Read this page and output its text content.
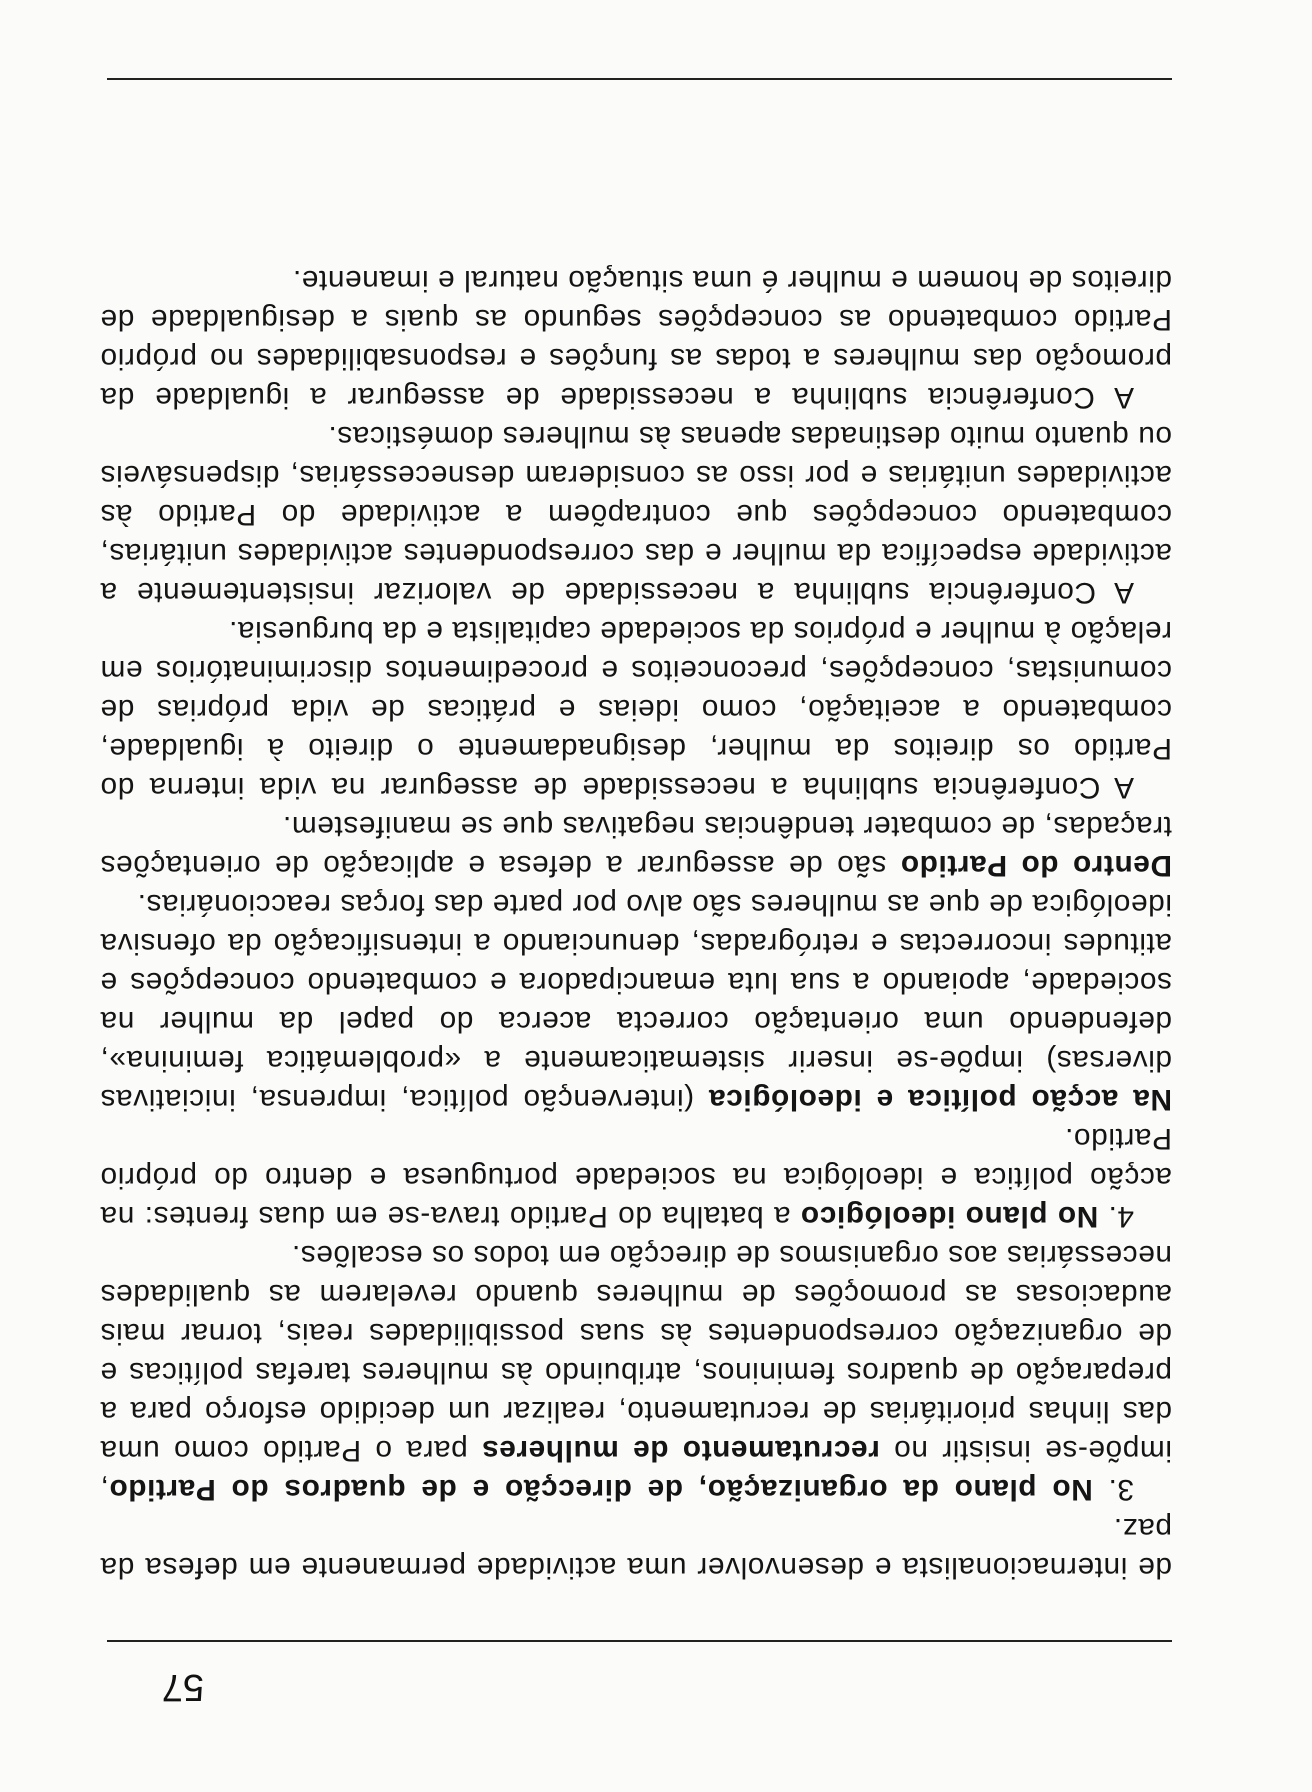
57

de internacionalista e desenvolver uma actividade permanente em defesa da paz.

3. No plano da organização, de direcção e de quadros do Partido, impõe-se insistir no recrutamento de mulheres para o Partido como uma das linhas prioritárias de recrutamento, realizar um decidido esforço para a preparação de quadros femininos, atribuindo às mulheres tarefas políticas e de organização correspondentes às suas possibilidades reais, tornar mais audaciosas as promoções de mulheres quando revelarem as qualidades necessárias aos organismos de direcção em todos os escalões.

4. No plano ideológico a batalha do Partido trava-se em duas frentes: na acção política e ideológica na sociedade portuguesa e dentro do próprio Partido.

Na acção política e ideológica (intervenção política, imprensa, iniciativas diversas) impõe-se inserir sistematicamente a «problemática feminina», defendendo uma orientação correcta acerca do papel da mulher na sociedade, apoiando a sua luta emancipadora e combatendo concepções e atitudes incorrectas e retrógradas, denunciando a intensificação da ofensiva ideológica de que as mulheres são alvo por parte das forças reaccionárias.

Dentro do Partido são de assegurar a defesa e aplicação de orientações traçadas, de combater tendências negativas que se manifestem.

A Conferência sublinha a necessidade de assegurar na vida interna do Partido os direitos da mulher, designadamente o direito à igualdade, combatendo a aceitação, como ideias e práticas de vida próprias de comunistas, concepções, preconceitos e procedimentos discriminatórios em relação à mulher e próprios da sociedade capitalista e da burguesia.

A Conferência sublinha a necessidade de valorizar insistentemente a actividade específica da mulher e das correspondentes actividades unitárias, combatendo concepções que contrapõem a actividade do Partido às actividades unitárias e por isso as consideram desnecessárias, dispensáveis ou quanto muito destinadas apenas às mulheres domésticas.

A Conferência sublinha a necessidade de assegurar a igualdade da promoção das mulheres a todas as funções e responsabilidades no próprio Partido combatendo as concepções segundo as quais a desigualdade de direitos de homem e mulher é uma situação natural e imanente.
